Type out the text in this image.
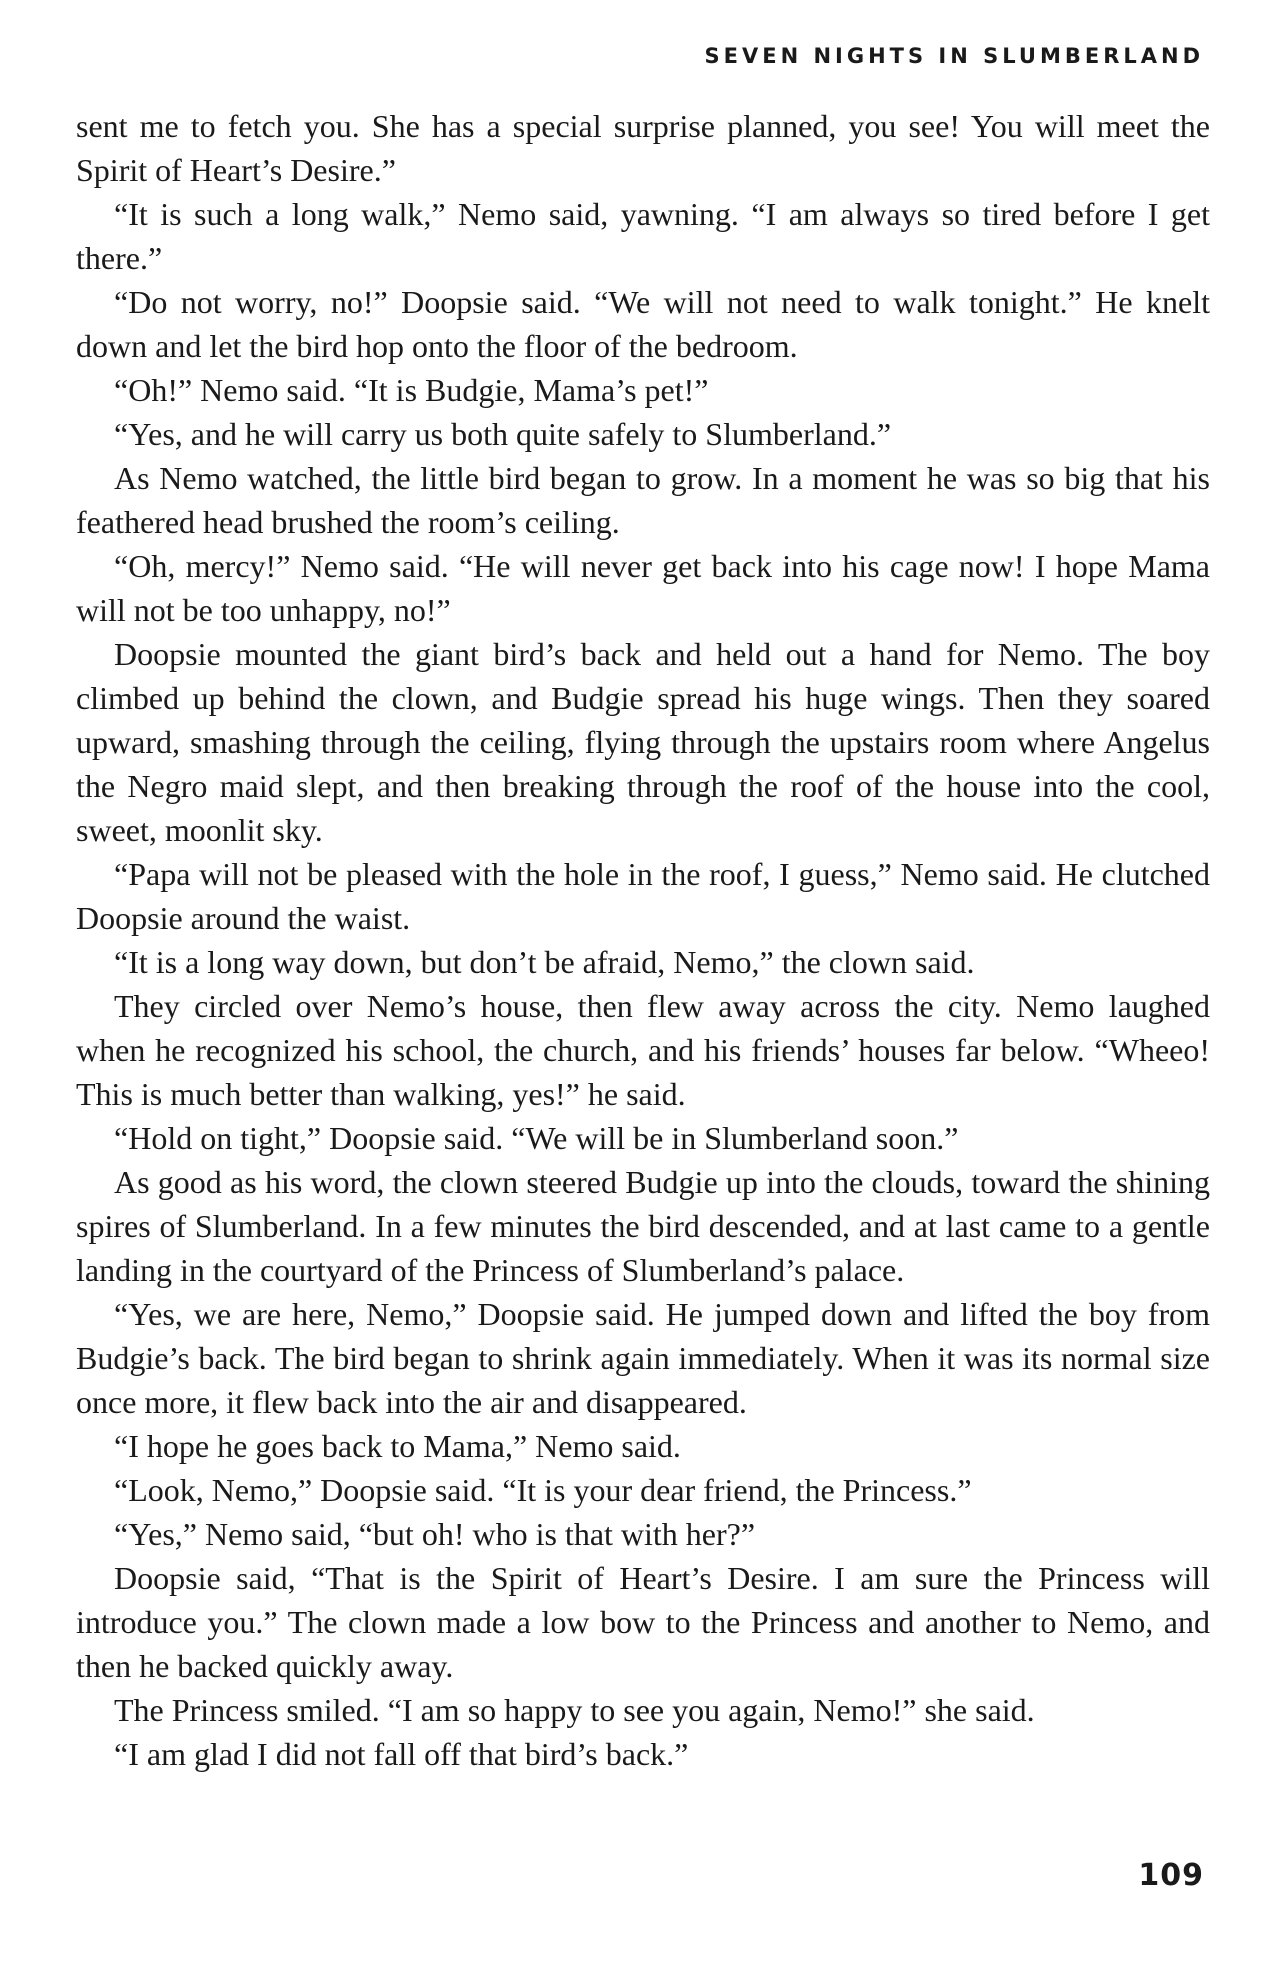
SEVEN NIGHTS IN SLUMBERLAND

sent me to fetch you. She has a special surprise planned, you see! You will meet the Spirit of Heart’s Desire.”

“It is such a long walk,” Nemo said, yawning. “I am always so tired before I get there.”

“Do not worry, no!” Doopsie said. “We will not need to walk tonight.” He knelt down and let the bird hop onto the floor of the bedroom.

“Oh!” Nemo said. “It is Budgie, Mama’s pet!”

“Yes, and he will carry us both quite safely to Slumberland.”

As Nemo watched, the little bird began to grow. In a moment he was so big that his feathered head brushed the room’s ceiling.

“Oh, mercy!” Nemo said. “He will never get back into his cage now! I hope Mama will not be too unhappy, no!”

Doopsie mounted the giant bird’s back and held out a hand for Nemo. The boy climbed up behind the clown, and Budgie spread his huge wings. Then they soared upward, smashing through the ceiling, flying through the upstairs room where Angelus the Negro maid slept, and then breaking through the roof of the house into the cool, sweet, moonlit sky.

“Papa will not be pleased with the hole in the roof, I guess,” Nemo said. He clutched Doopsie around the waist.

“It is a long way down, but don’t be afraid, Nemo,” the clown said.

They circled over Nemo’s house, then flew away across the city. Nemo laughed when he recognized his school, the church, and his friends’ houses far below. “Wheeo! This is much better than walking, yes!” he said.

“Hold on tight,” Doopsie said. “We will be in Slumberland soon.”

As good as his word, the clown steered Budgie up into the clouds, toward the shining spires of Slumberland. In a few minutes the bird descended, and at last came to a gentle landing in the courtyard of the Princess of Slumberland’s palace.

“Yes, we are here, Nemo,” Doopsie said. He jumped down and lifted the boy from Budgie’s back. The bird began to shrink again immediately. When it was its normal size once more, it flew back into the air and disappeared.

“I hope he goes back to Mama,” Nemo said.

“Look, Nemo,” Doopsie said. “It is your dear friend, the Princess.”

“Yes,” Nemo said, “but oh! who is that with her?”

Doopsie said, “That is the Spirit of Heart’s Desire. I am sure the Princess will introduce you.” The clown made a low bow to the Princess and another to Nemo, and then he backed quickly away.

The Princess smiled. “I am so happy to see you again, Nemo!” she said.

“I am glad I did not fall off that bird’s back.”

109
